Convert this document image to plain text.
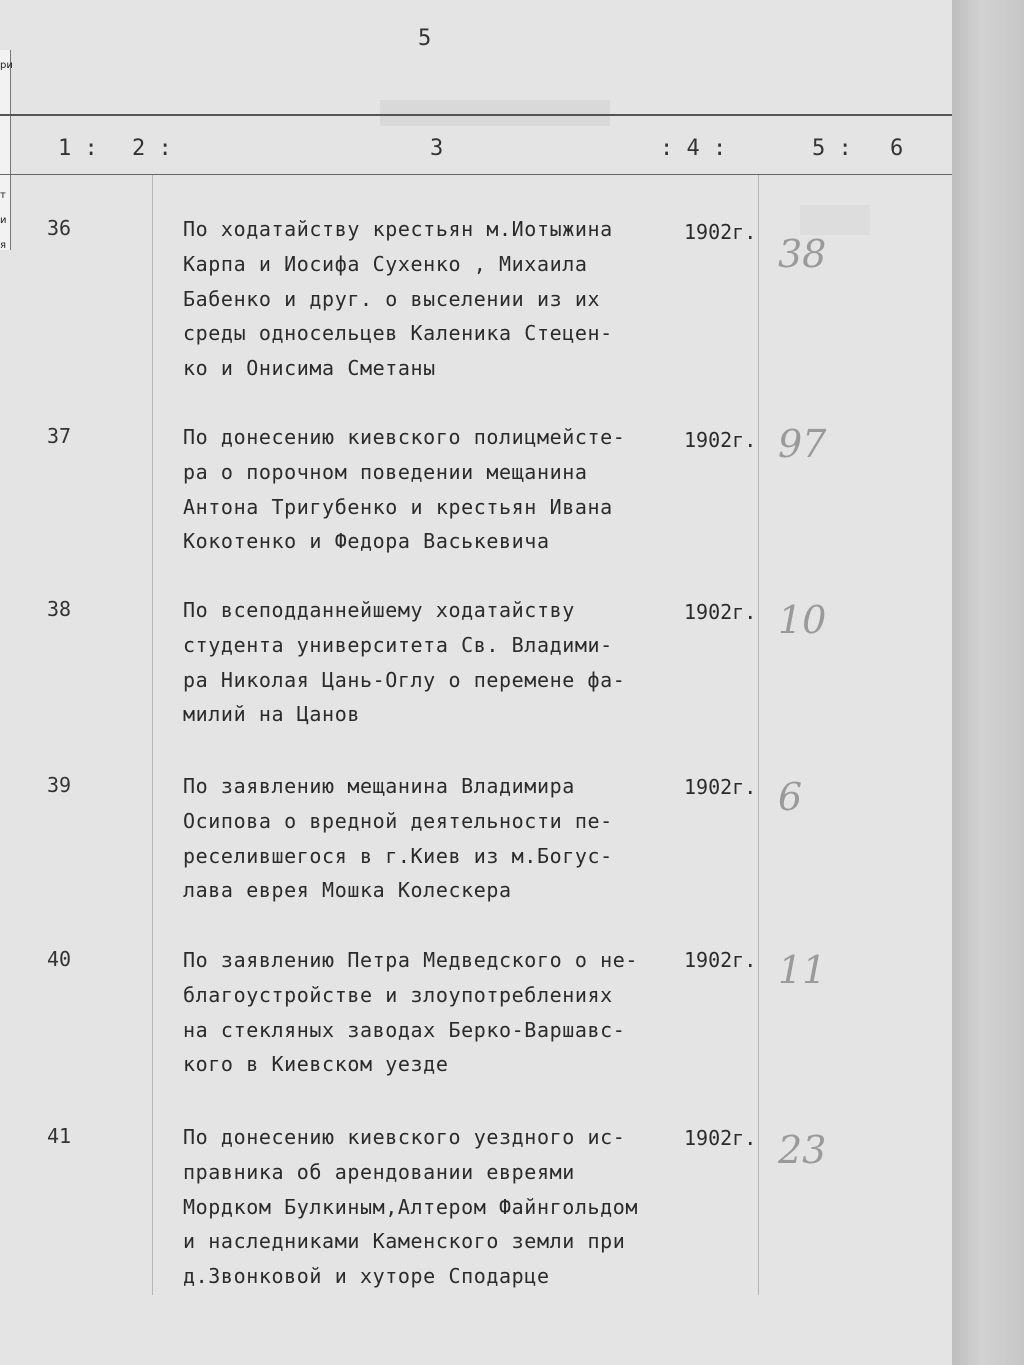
ри
т
и
я
5
1 : 2 :	3	: 4 :	5 : 6
36	По ходатайству крестьян м.Иотыжина
Карпа и Иосифа Сухенко , Михаила
Бабенко и друг. о выселении из их
среды односельцев Каленика Стецен-
ко и Онисима Сметаны
1902г. 38
37	По донесению киевского полицмейсте-
ра о порочном поведении мещанина
Антона Тригубенко и крестьян Ивана
Кокотенко и Федора Васькевича
1902г. 97
38	По всеподданнейшему ходатайству
студента университета Св. Владими-
ра Николая Цань-Оглу о перемене фа-
милий на Цанов
1902г. 10
39	По заявлению мещанина Владимира
Осипова о вредной деятельности пе-
реселившегося в г.Киев из м.Богус-
лава еврея Мошка Колескера
1902г. 6
40	По заявлению Петра Медведского о не-
благоустройстве и злоупотреблениях
на стекляных заводах Берко-Варшавс-
кого в Киевском уезде
1902г. 11
41	По донесению киевского уездного ис-
правника об арендовании евреями
Мордком Булкиным,Алтером Файнгольдом
и наследниками Каменского земли при
д.Звонковой и хуторе Сподарце
1902г. 23
